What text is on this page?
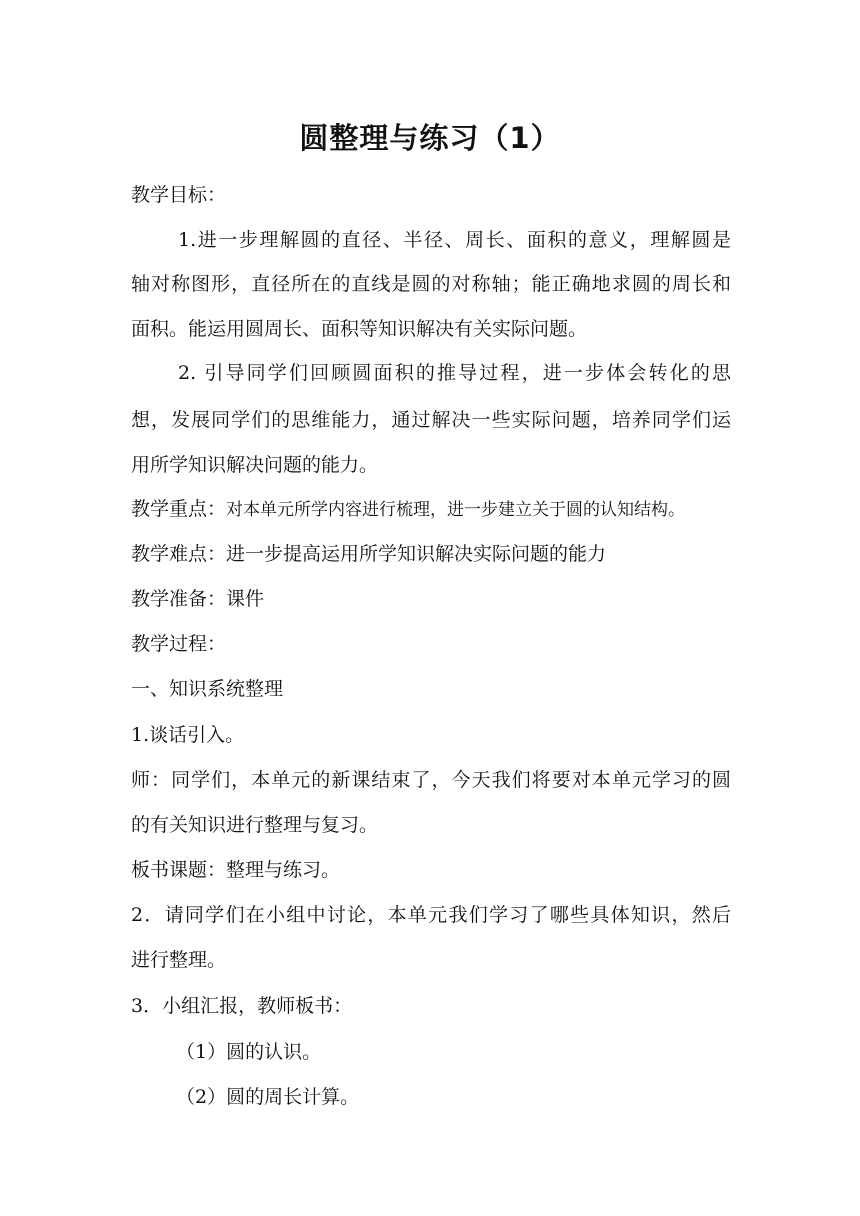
圆整理与练习（1）
教学目标：
1.进一步理解圆的直径、半径、周长、面积的意义，理解圆是
轴对称图形，直径所在的直线是圆的对称轴；能正确地求圆的周长和
面积。能运用圆周长、面积等知识解决有关实际问题。
2. 引导同学们回顾圆面积的推导过程，进一步体会转化的思
想，发展同学们的思维能力，通过解决一些实际问题，培养同学们运
用所学知识解决问题的能力。
教学重点：对本单元所学内容进行梳理，进一步建立关于圆的认知结构。
教学难点：进一步提高运用所学知识解决实际问题的能力
教学准备：课件
教学过程：
一、知识系统整理
1.谈话引入。
师：同学们，本单元的新课结束了，今天我们将要对本单元学习的圆
的有关知识进行整理与复习。
板书课题：整理与练习。
2．请同学们在小组中讨论，本单元我们学习了哪些具体知识，然后
进行整理。
3．小组汇报，教师板书：
（1）圆的认识。
（2）圆的周长计算。
